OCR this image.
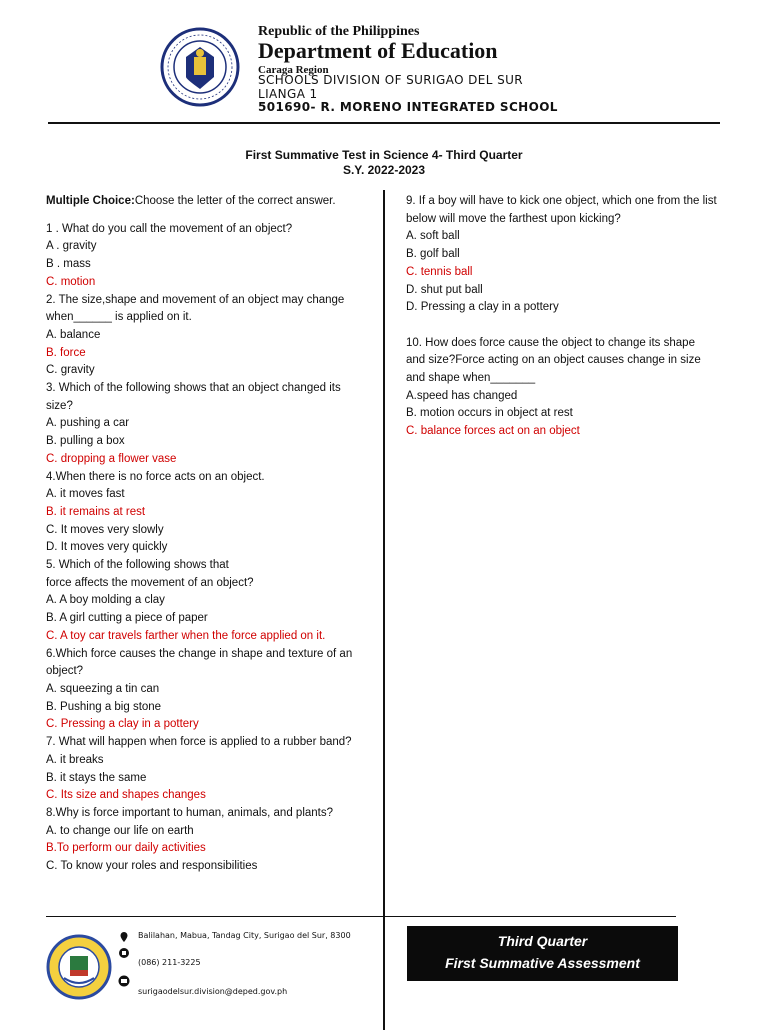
Republic of the Philippines
Department of Education
Caraga Region
SCHOOLS DIVISION OF SURIGAO DEL SUR
LIANGA 1
501690- R. MORENO INTEGRATED SCHOOL
First Summative Test in Science 4- Third Quarter
S.Y. 2022-2023
Multiple Choice:Choose the letter of the correct answer.
1 . What do you call the movement of an object?
A . gravity
B . mass
C. motion
2. The size,shape and movement of an object may change
when______ is applied on it.
A. balance
B. force
C. gravity
3. Which of the following shows that an object changed its
size?
A. pushing a car
B. pulling a box
C. dropping a flower vase
4.When there is no force acts on an object.
A. it moves fast
B. it remains at rest
C. It moves very slowly
D. It moves very quickly
5. Which of the following shows that
force affects the movement of an object?
A. A boy molding a clay
B. A girl cutting a piece of paper
C. A toy car travels farther when the force applied on it.
6.Which force causes the change in shape and texture of an
object?
A. squeezing a tin can
B. Pushing a big stone
C. Pressing a clay in a pottery
7. What will happen when force is applied to a rubber band?
A. it breaks
B. it stays the same
C. Its size and shapes changes
8.Why is force important to human, animals, and plants?
A. to change our life on earth
B.To perform our daily activities
C. To know your roles and responsibilities
9. If a boy will have to kick one object, which one from the list
below will move the farthest upon kicking?
A. soft ball
B. golf ball
C. tennis ball
D. shut put ball
D. Pressing a clay in a pottery
10. How does force cause the object to change its shape
and size?Force acting on an object causes change in size
and shape when_______
A.speed has changed
B. motion occurs in object at rest
C. balance forces act on an object
Balilahan, Mabua, Tandag City, Surigao del Sur, 8300
(086) 211-3225
surigaodelsur.division@deped.gov.ph
Third Quarter
First Summative Assessment
